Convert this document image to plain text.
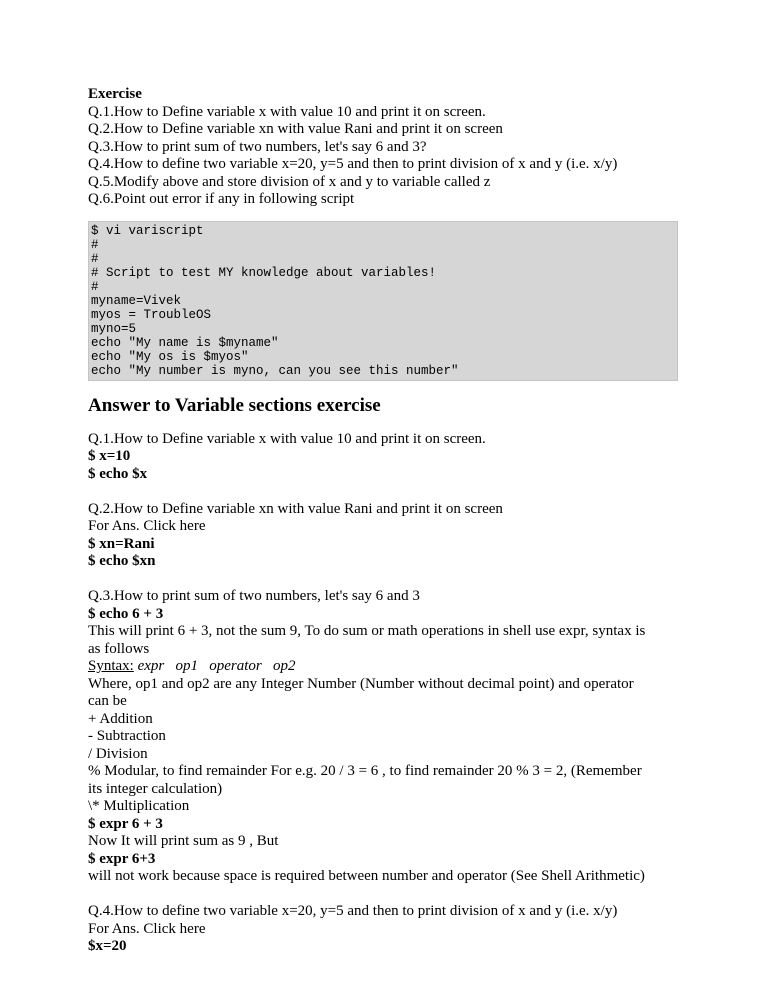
Exercise
Q.1.How to Define variable x with value 10 and print it on screen.
Q.2.How to Define variable xn with value Rani and print it on screen
Q.3.How to print sum of two numbers, let's say 6 and 3?
Q.4.How to define two variable x=20, y=5 and then to print division of x and y (i.e. x/y)
Q.5.Modify above and store division of x and y to variable called z
Q.6.Point out error if any in following script
$ vi variscript
#
#
# Script to test MY knowledge about variables!
#
myname=Vivek
myos = TroubleOS
myno=5
echo "My name is $myname"
echo "My os is $myos"
echo "My number is myno, can you see this number"
Answer to Variable sections exercise
Q.1.How to Define variable x with value 10 and print it on screen.
$ x=10
$ echo $x
Q.2.How to Define variable xn with value Rani and print it on screen
For Ans. Click here
$ xn=Rani
$ echo $xn
Q.3.How to print sum of two numbers, let's say 6 and 3
$ echo 6 + 3
This will print 6 + 3, not the sum 9, To do sum or math operations in shell use expr, syntax is
as follows
Syntax: expr   op1   operator   op2
Where, op1 and op2 are any Integer Number (Number without decimal point) and operator
can be
+ Addition
- Subtraction
/ Division
% Modular, to find remainder For e.g. 20 / 3 = 6 , to find remainder 20 % 3 = 2, (Remember
its integer calculation)
\* Multiplication
$ expr 6 + 3
Now It will print sum as 9 , But
$ expr 6+3
will not work because space is required between number and operator (See Shell Arithmetic)
Q.4.How to define two variable x=20, y=5 and then to print division of x and y (i.e. x/y)
For Ans. Click here
$x=20
